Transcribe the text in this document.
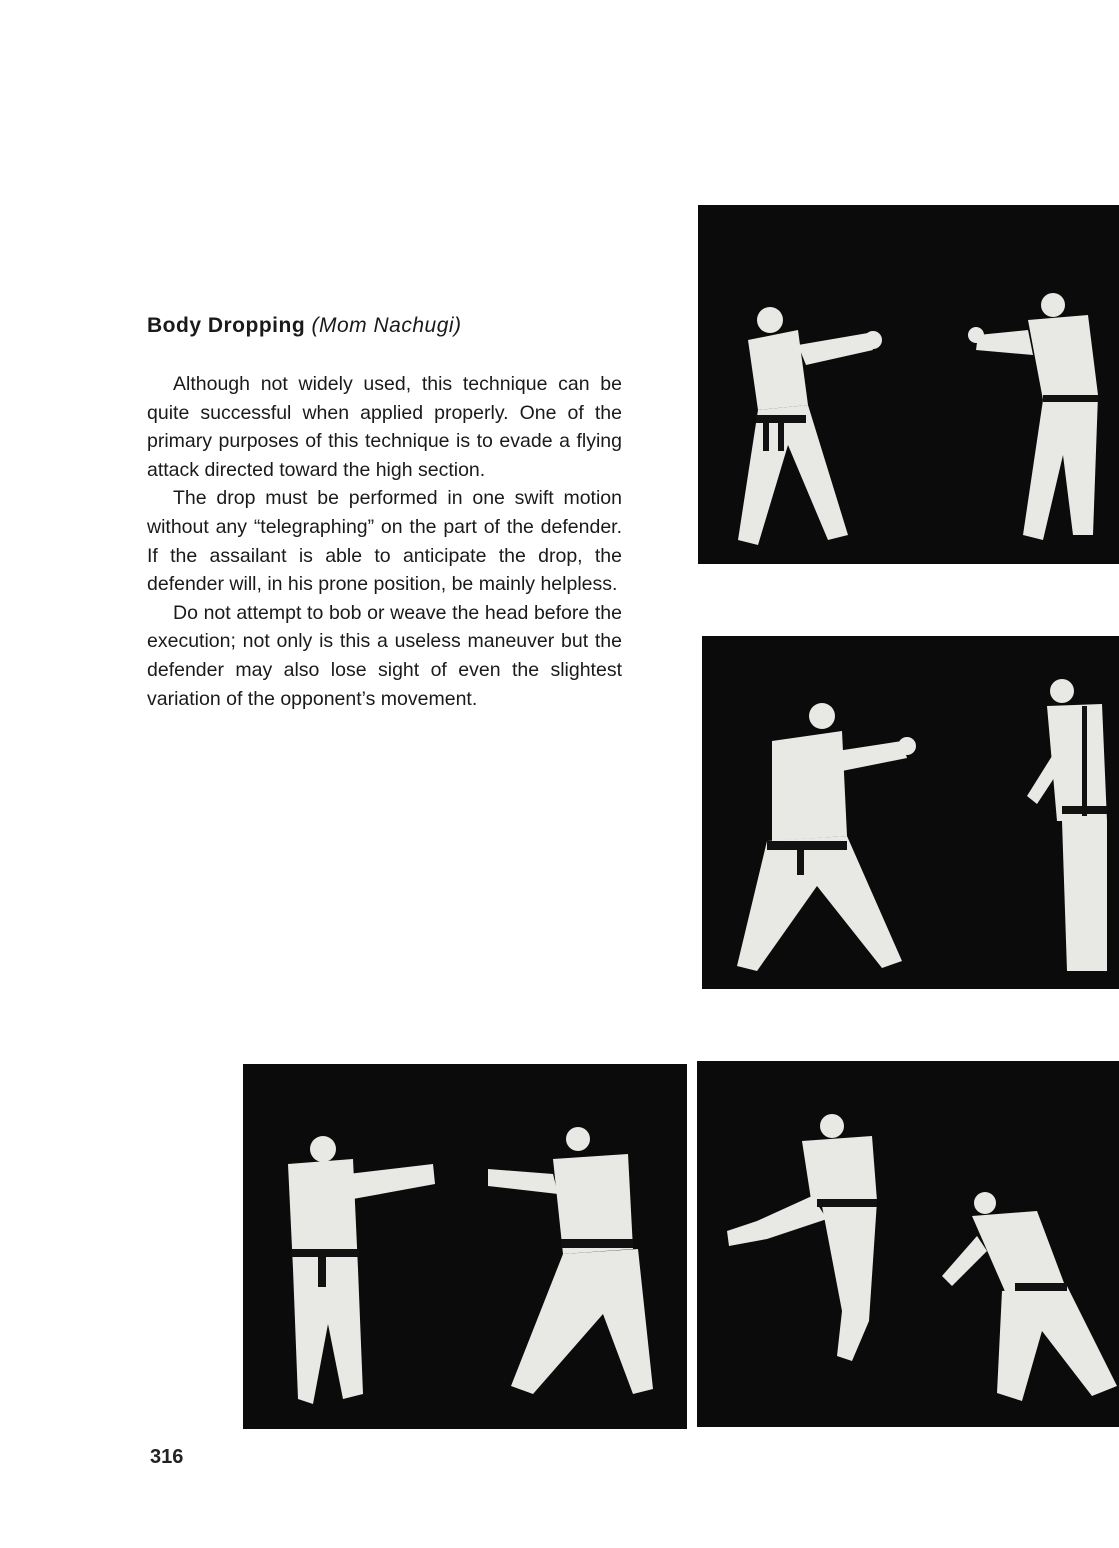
Body Dropping (Mom Nachugi)

Although not widely used, this technique can be quite successful when applied properly. One of the primary purposes of this technique is to evade a flying attack directed toward the high section.

The drop must be performed in one swift motion without any “telegraphing” on the part of the defender. If the assailant is able to anticipate the drop, the defender will, in his prone position, be mainly helpless.

Do not attempt to bob or weave the head before the execution; not only is this a useless maneuver but the defender may also lose sight of even the slightest variation of the opponent’s movement.

316
